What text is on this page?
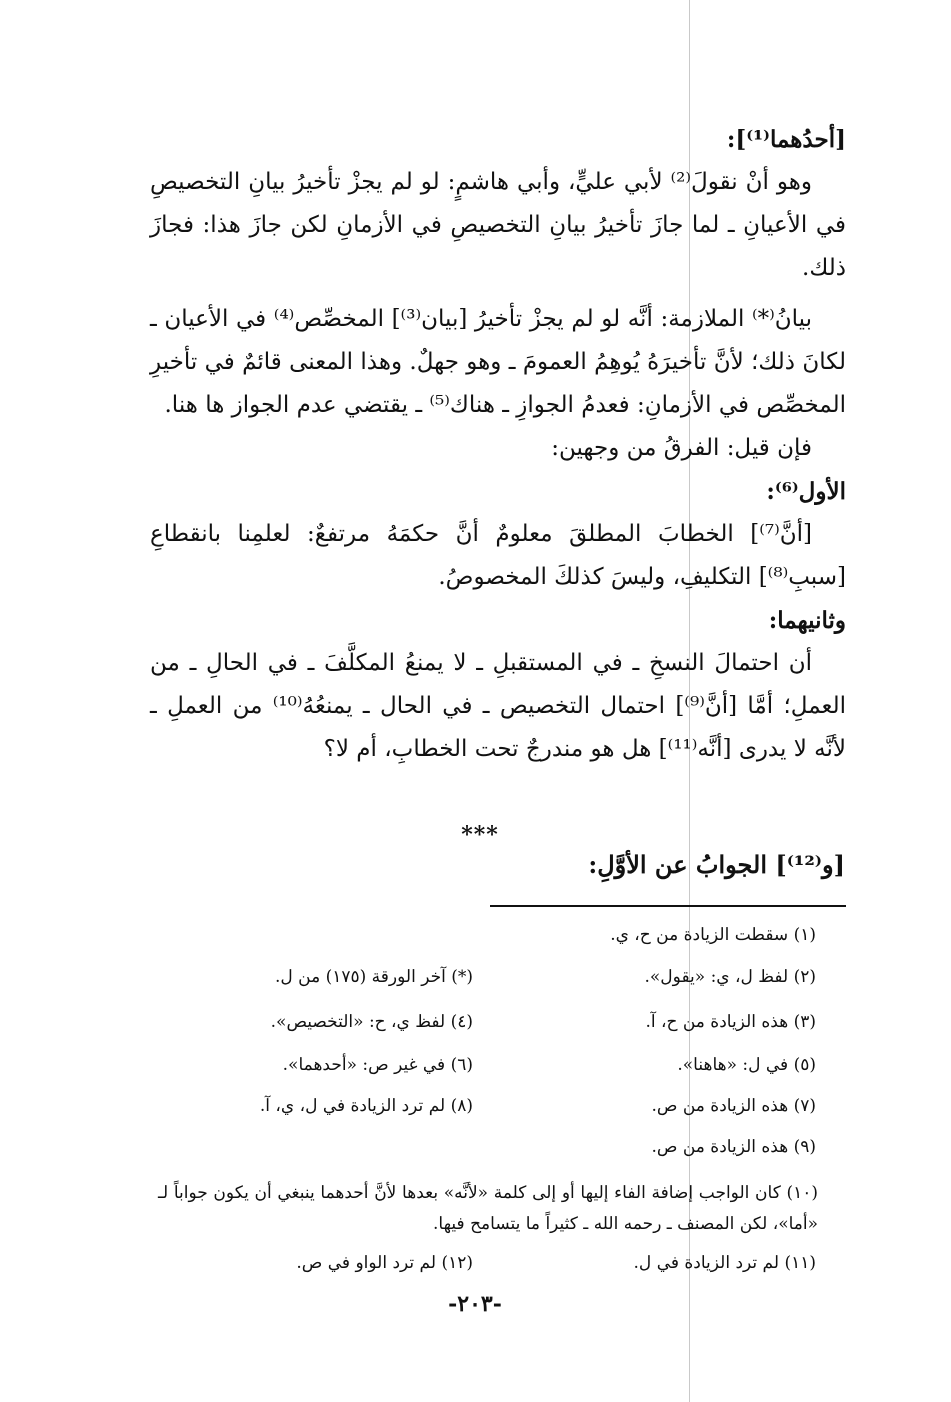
[أحدُهما⁽¹⁾]:
وهو أنْ نقولَ⁽²⁾ لأبي عليٍّ، وأبي هاشمٍ: لو لم يجزْ تأخيرُ بيانِ التخصيصِ في الأعيانِ ـ لما جازَ تأخيرُ بيانِ التخصيصِ في الأزمانِ لكن جازَ هذا: فجازَ ذلك.
بيانُ⁽*⁾ الملازمة: أنَّه لو لم يجزْ تأخيرُ [بيان⁽³⁾] المخصِّص⁽⁴⁾ في الأعيان ـ لكانَ ذلك؛ لأنَّ تأخيرَهُ يُوهِمُ العمومَ ـ وهو جهلٌ. وهذا المعنى قائمٌ في تأخيرِ المخصِّص في الأزمانِ: فعدمُ الجوازِ ـ هناك⁽⁵⁾ ـ يقتضي عدم الجواز ها هنا.
فإن قيل: الفرقُ من وجهين:
الأول⁽⁶⁾:
[أنَّ⁽⁷⁾] الخطابَ المطلقَ معلومٌ أنَّ حكمَهُ مرتفعٌ: لعلمِنا بانقطاعِ [سببِ⁽⁸⁾] التكليفِ، وليسَ كذلكَ المخصوصُ.
وثانيهما:
أن احتمالَ النسخِ ـ في المستقبلِ ـ لا يمنعُ المكلَّفَ ـ في الحالِ ـ من العملِ؛ أمَّا [أنَّ⁽⁹⁾] احتمال التخصيص ـ في الحال ـ يمنعُهُ⁽¹⁰⁾ من العملِ ـ لأنَّه لا يدرى [أنَّه⁽¹¹⁾] هل هو مندرجٌ تحت الخطابِ، أم لا؟
***
[و⁽¹²⁾] الجوابُ عن الأوَّلِ:
(١) سقطت الزيادة من ح، ي.
(٢) لفظ ل، ي: «يقول».
(*) آخر الورقة (١٧٥) من ل.
(٣) هذه الزيادة من ح، آ.
(٤) لفظ ي، ح: «التخصيص».
(٥) في ل: «هاهنا».
(٦) في غير ص: «أحدهما».
(٧) هذه الزيادة من ص.
(٨) لم ترد الزيادة في ل، ي، آ.
(٩) هذه الزيادة من ص.
(١٠) كان الواجب إضافة الفاء إليها أو إلى كلمة «لأنَّه» بعدها لأنَّ أحدهما ينبغي أن يكون جواباً لـ «أما»، لكن المصنف ـ رحمه الله ـ كثيراً ما يتسامح فيها.
(١١) لم ترد الزيادة في ل.
(١٢) لم ترد الواو في ص.
-٢٠٣-
